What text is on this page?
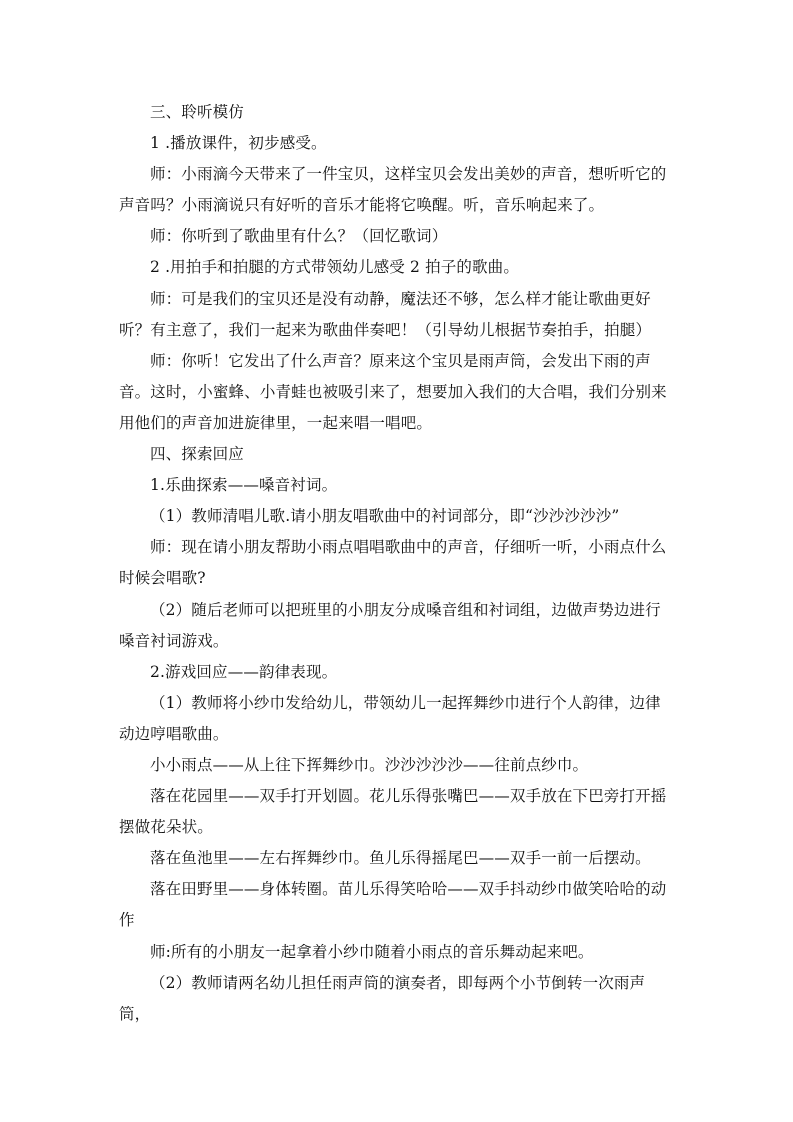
三、聆听模仿

1 .播放课件，初步感受。

师：小雨滴今天带来了一件宝贝，这样宝贝会发出美妙的声音，想听听它的声音吗？小雨滴说只有好听的音乐才能将它唤醒。听，音乐响起来了。

师：你听到了歌曲里有什么？（回忆歌词）

2 .用拍手和拍腿的方式带领幼儿感受 2 拍子的歌曲。

师：可是我们的宝贝还是没有动静，魔法还不够，怎么样才能让歌曲更好听？有主意了，我们一起来为歌曲伴奏吧！（引导幼儿根据节奏拍手，拍腿）

师：你听！它发出了什么声音？原来这个宝贝是雨声筒，会发出下雨的声音。这时，小蜜蜂、小青蛙也被吸引来了，想要加入我们的大合唱，我们分别来用他们的声音加进旋律里，一起来唱一唱吧。

四、探索回应

1.乐曲探索——嗓音衬词。

（1）教师清唱儿歌.请小朋友唱歌曲中的衬词部分，即“沙沙沙沙沙”

师：现在请小朋友帮助小雨点唱唱歌曲中的声音，仔细听一听，小雨点什么时候会唱歌?

（2）随后老师可以把班里的小朋友分成嗓音组和衬词组，边做声势边进行嗓音衬词游戏。

2.游戏回应——韵律表现。

（1）教师将小纱巾发给幼儿，带领幼儿一起挥舞纱巾进行个人韵律，边律动边哼唱歌曲。

小小雨点——从上往下挥舞纱巾。沙沙沙沙沙——往前点纱巾。

落在花园里——双手打开划圆。花儿乐得张嘴巴——双手放在下巴旁打开摇摆做花朵状。

落在鱼池里——左右挥舞纱巾。鱼儿乐得摇尾巴——双手一前一后摆动。

落在田野里——身体转圈。苗儿乐得笑哈哈——双手抖动纱巾做笑哈哈的动作

师:所有的小朋友一起拿着小纱巾随着小雨点的音乐舞动起来吧。

（2）教师请两名幼儿担任雨声筒的演奏者，即每两个小节倒转一次雨声筒，
